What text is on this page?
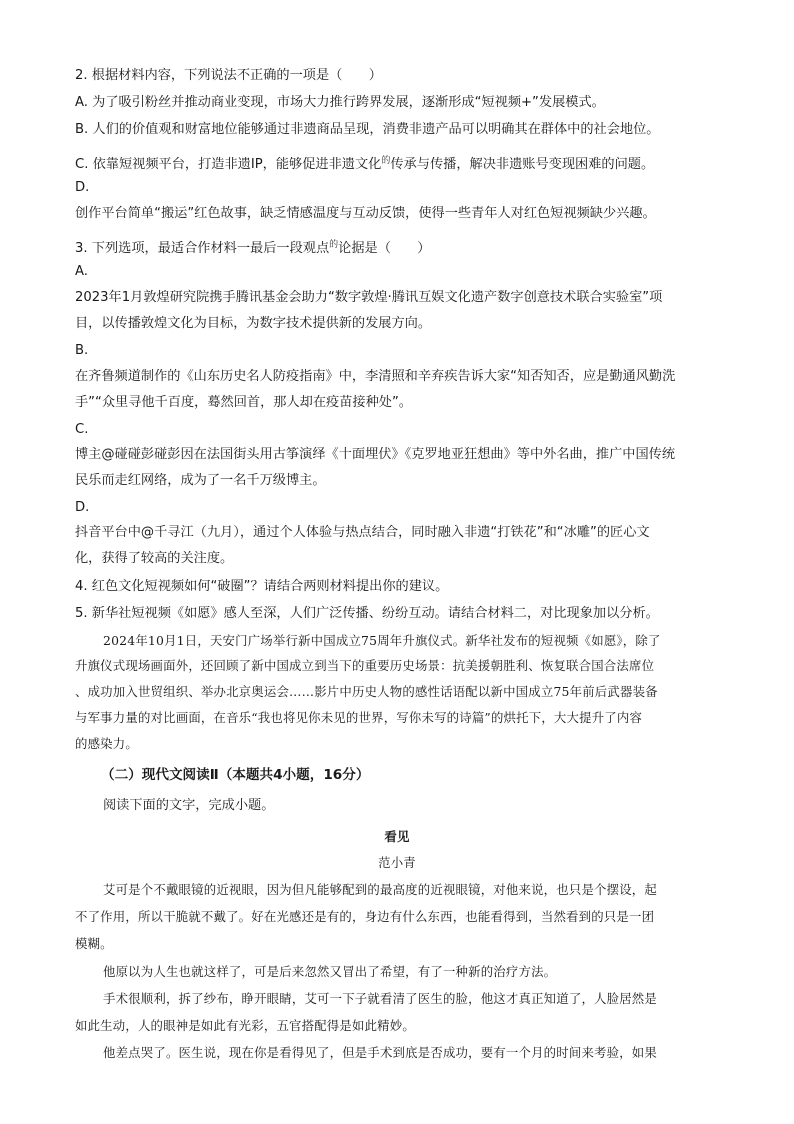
2. 根据材料内容，下列说法不正确的一项是（　　）
A. 为了吸引粉丝并推动商业变现，市场大力推行跨界发展，逐渐形成“短视频+”发展模式。
B. 人们的价值观和财富地位能够通过非遗商品呈现，消费非遗产品可以明确其在群体中的社会地位。
C. 依靠短视频平台，打造非遗IP，能够促进非遗文化$^的$传承与传播，解决非遗账号变现困难的问题。
D.
创作平台简单“搬运”红色故事，缺乏情感温度与互动反馈，使得一些青年人对红色短视频缺少兴趣。
3. 下列选项，最适合作材料一最后一段观点$^的$论据是（　　）
A.
2023年1月敦煌研究院携手腾讯基金会助力“数字敦煌·腾讯互娱文化遗产数字创意技术联合实验室”项
目，以传播敦煌文化为目标，为数字技术提供新的发展方向。
B.
在齐鲁频道制作的《山东历史名人防疫指南》中，李清照和辛弃疾告诉大家“知否知否，应是勤通风勤洗
手”“众里寻他千百度，蓦然回首，那人却在疫苗接种处”。
C.
博主@碰碰彭碰彭因在法国街头用古筝演绎《十面埋伏》《克罗地亚狂想曲》等中外名曲，推广中国传统
民乐而走红网络，成为了一名千万级博主。
D.
抖音平台中@千寻江（九月），通过个人体验与热点结合，同时融入非遗“打铁花”和“冰雕”的匠心文
化，获得了较高的关注度。
4. 红色文化短视频如何“破圈”？请结合两则材料提出你的建议。
5. 新华社短视频《如愿》感人至深，人们广泛传播、纷纷互动。请结合材料二，对比现象加以分析。
2024年10月1日，天安门广场举行新中国成立75周年升旗仪式。新华社发布的短视频《如愿》，除了
升旗仪式现场画面外，还回顾了新中国成立到当下的重要历史场景：抗美援朝胜利、恢复联合国合法席位
、成功加入世贸组织、举办北京奥运会……影片中历史人物的感性话语配以新中国成立75年前后武器装备
与军事力量的对比画面，在音乐“我也将见你未见的世界，写你未写的诗篇”的烘托下，大大提升了内容
的感染力。
（二）现代文阅读Ⅱ（本题共4小题，16分）
阅读下面的文字，完成小题。
看见
范小青
艾可是个不戴眼镜的近视眼，因为但凡能够配到的最高度的近视眼镜，对他来说，也只是个摆设，起
不了作用，所以干脆就不戴了。好在光感还是有的，身边有什么东西，也能看得到，当然看到的只是一团
模糊。
他原以为人生也就这样了，可是后来忽然又冒出了希望，有了一种新的治疗方法。
手术很顺利，拆了纱布，睁开眼睛，艾可一下子就看清了医生的脸，他这才真正知道了，人脸居然是
如此生动，人的眼神是如此有光彩，五官搭配得是如此精妙。
他差点哭了。医生说，现在你是看得见了，但是手术到底是否成功，要有一个月的时间来考验，如果
